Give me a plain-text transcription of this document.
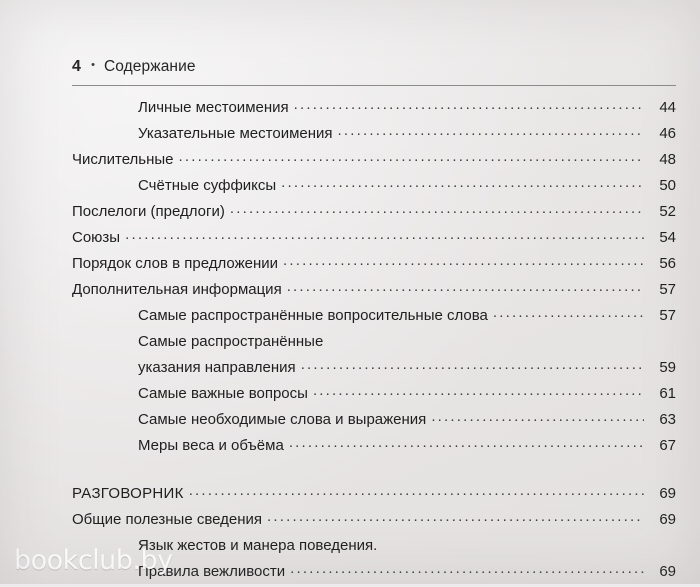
4 • Содержание
Личные местоимения .....	44
Указательные местоимения .....	46
Числительные .....	48
Счётные суффиксы .....	50
Послелоги (предлоги) .....	52
Союзы .....	54
Порядок слов в предложении .....	56
Дополнительная информация .....	57
Самые распространённые вопросительные слова .....	57
Самые распространённые
указания направления .....	59
Самые важные вопросы .....	61
Самые необходимые слова и выражения .....	63
Меры веса и объёма .....	67
РАЗГОВОРНИК .....	69
Общие полезные сведения .....	69
Язык жестов и манера поведения.
Правила вежливости .....	69
bookclub.by
